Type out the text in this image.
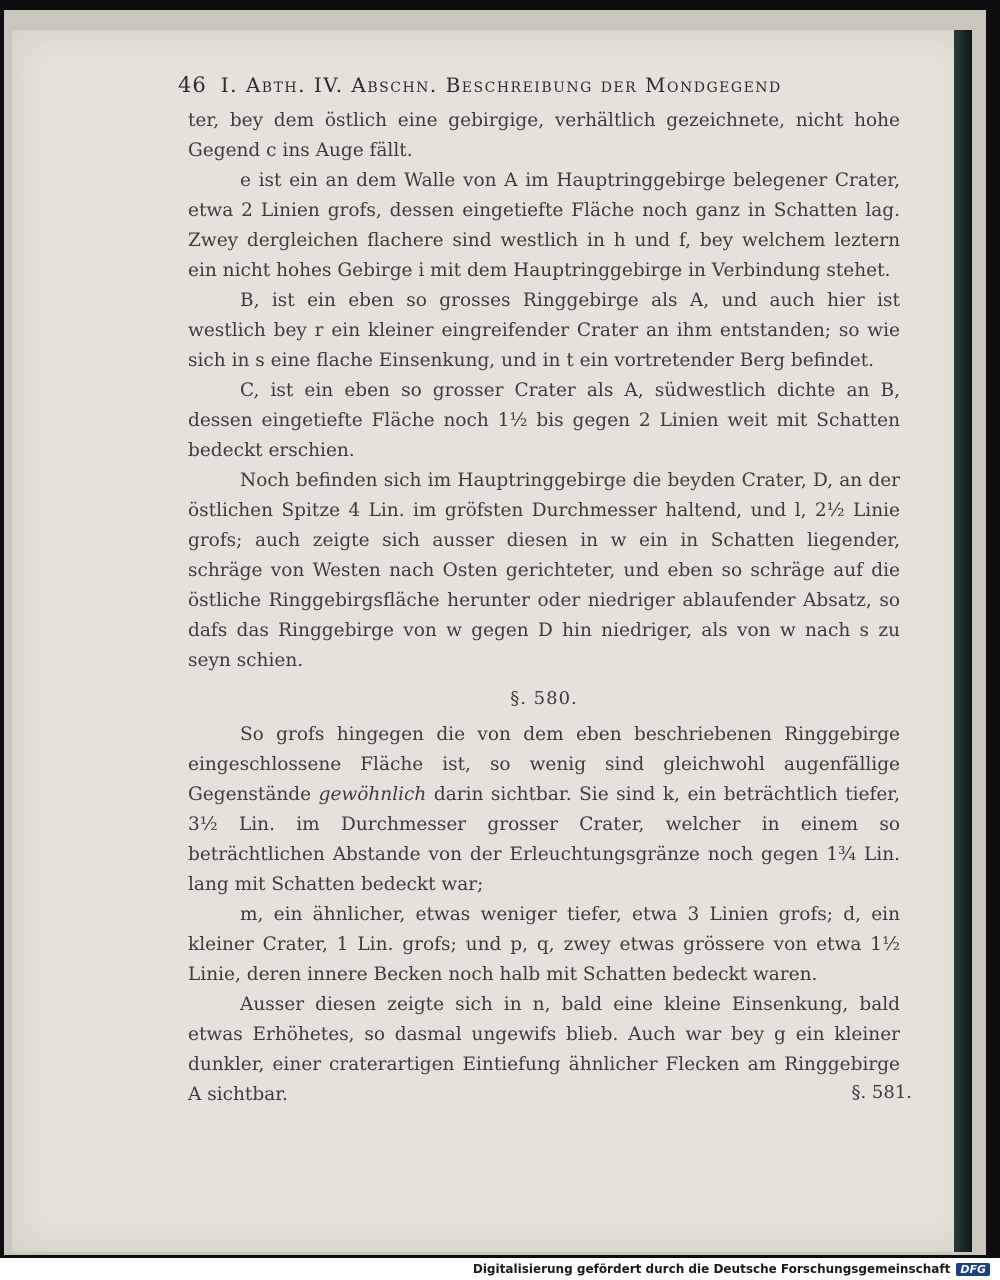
46 I. Abth. IV. Abschn. Beschreibung der Mondgegend

ter, bey dem östlich eine gebirgige, verhältlich gezeichnete, nicht hohe Gegend c ins Auge fällt.

e ist ein an dem Walle von A im Hauptringgebirge belegener Crater, etwa 2 Linien grofs, dessen eingetiefte Fläche noch ganz in Schatten lag. Zwey dergleichen flachere sind westlich in h und f, bey welchem leztern ein nicht hohes Gebirge i mit dem Hauptringgebirge in Verbindung stehet.

B, ist ein eben so grosses Ringgebirge als A, und auch hier ist westlich bey r ein kleiner eingreifender Crater an ihm entstanden; so wie sich in s eine flache Einsenkung, und in t ein vortretender Berg befindet.

C, ist ein eben so grosser Crater als A, südwestlich dichte an B, dessen eingetiefte Fläche noch 1½ bis gegen 2 Linien weit mit Schatten bedeckt erschien.

Noch befinden sich im Hauptringgebirge die beyden Crater, D, an der östlichen Spitze 4 Lin. im gröfsten Durchmesser haltend, und l, 2½ Linie grofs; auch zeigte sich ausser diesen in w ein in Schatten liegender, schräge von Westen nach Osten gerichteter, und eben so schräge auf die östliche Ringgebirgsfläche herunter oder niedriger ablaufender Absatz, so dafs das Ringgebirge von w gegen D hin niedriger, als von w nach s zu seyn schien.

§. 580.

So grofs hingegen die von dem eben beschriebenen Ringgebirge eingeschlossene Fläche ist, so wenig sind gleichwohl augenfällige Gegenstände gewöhnlich darin sichtbar. Sie sind k, ein beträchtlich tiefer, 3½ Lin. im Durchmesser grosser Crater, welcher in einem so beträchtlichen Abstande von der Erleuchtungsgränze noch gegen 1¾ Lin. lang mit Schatten bedeckt war;

m, ein ähnlicher, etwas weniger tiefer, etwa 3 Linien grofs; d, ein kleiner Crater, 1 Lin. grofs; und p, q, zwey etwas grössere von etwa 1½ Linie, deren innere Becken noch halb mit Schatten bedeckt waren.

Ausser diesen zeigte sich in n, bald eine kleine Einsenkung, bald etwas Erhöhetes, so dasmal ungewifs blieb. Auch war bey g ein kleiner dunkler, einer craterartigen Eintiefung ähnlicher Flecken am Ringgebirge A sichtbar.	§. 581.
Digitalisierung gefördert durch die Deutsche Forschungsgemeinschaft DFG
